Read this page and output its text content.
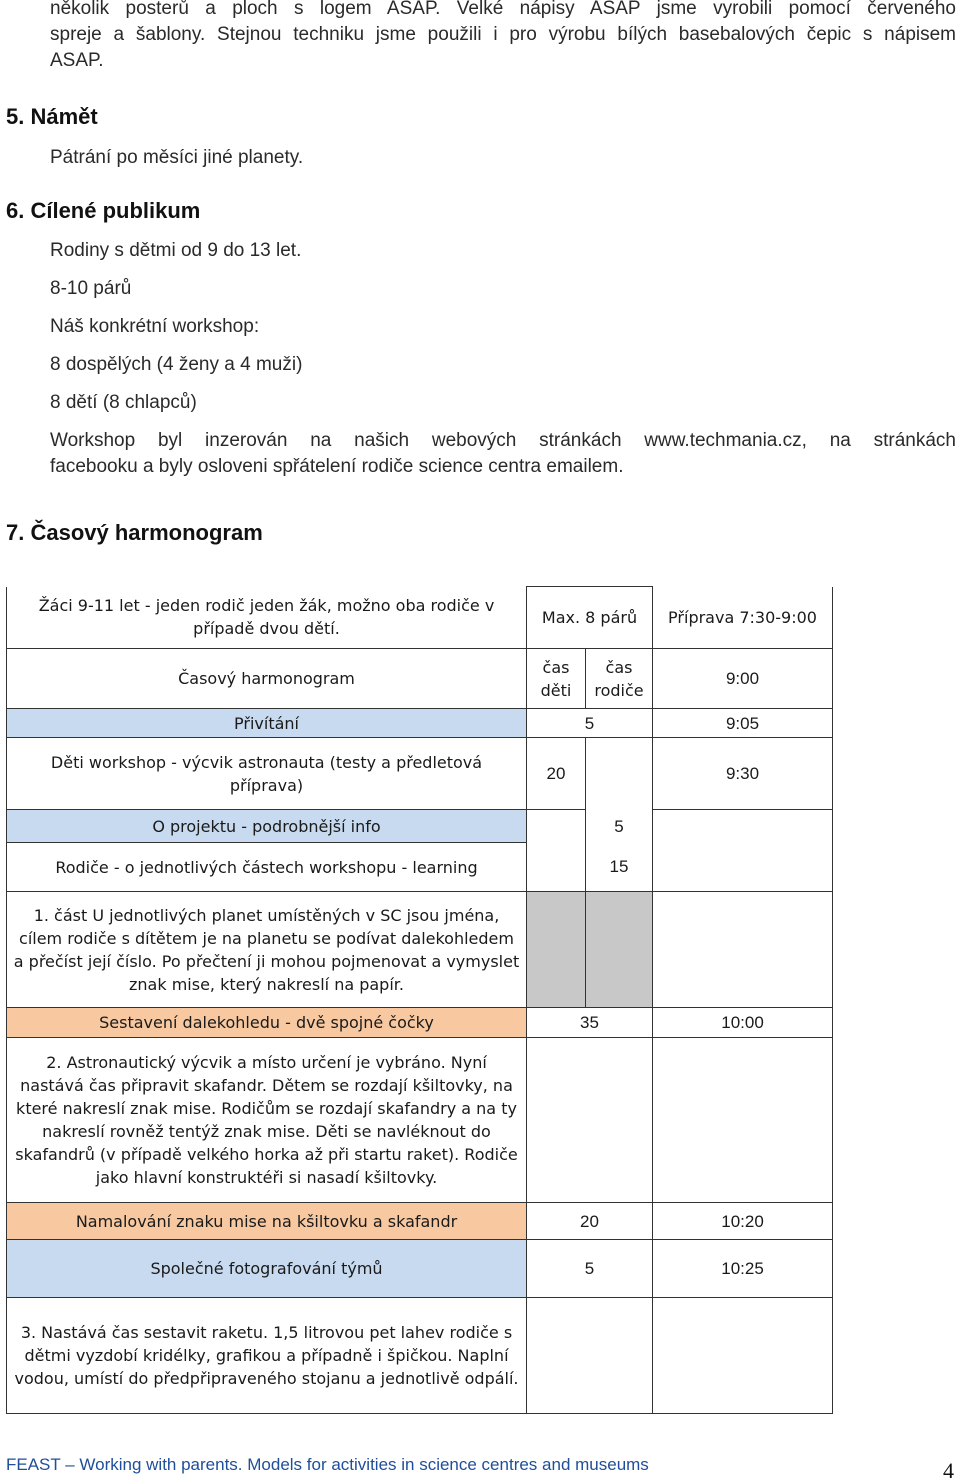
několik posterů a ploch s logem ASAP. Velké nápisy ASAP jsme vyrobili pomocí červeného
spreje a šablony. Stejnou techniku jsme použili i pro výrobu bílých basebalových čepic s nápisem
ASAP.
5. Námět
Pátrání po měsíci jiné planety.
6. Cílené publikum
Rodiny s dětmi od 9 do 13 let.
8-10 párů
Náš konkrétní workshop:
8 dospělých (4 ženy a 4 muži)
8 dětí (8 chlapců)
Workshop byl inzerován na našich webových stránkách www.techmania.cz, na stránkách
facebooku a byly osloveni spřátelení rodiče science centra emailem.
7. Časový harmonogram
Žáci 9-11 let - jeden rodič jeden žák, možno oba rodiče v případě dvou dětí.	Max. 8 párů		Příprava 7:30-9:00
Časový harmonogram	čas děti	čas rodiče	9:00
Přivítání	5		9:05
Děti workshop - výcvik astronauta (testy a předletová příprava)	20		9:30
O projektu - podrobnější info		5	
Rodiče - o jednotlivých částech workshopu - learning		15	
1. část U jednotlivých planet umístěných v SC jsou jména, cílem rodiče s dítětem je na planetu se podívat dalekohledem a přečíst její číslo. Po přečtení ji mohou pojmenovat a vymyslet znak mise, který nakreslí na papír.			
Sestavení dalekohledu - dvě spojné čočky	35		10:00
2. Astronautický výcvik a místo určení je vybráno. Nyní nastává čas připravit skafandr. Dětem se rozdají kšiltovky, na které nakreslí znak mise. Rodičům se rozdají skafandry a na ty nakreslí rovněž tentýž znak mise. Děti se navléknout do skafandrů (v případě velkého horka až při startu raket). Rodiče jako hlavní konstruktéři si nasadí kšiltovky.			
Namalování znaku mise na kšiltovku a skafandr	20		10:20
Společné fotografování týmů	5		10:25
3. Nastává čas sestavit raketu. 1,5 litrovou pet lahev rodiče s dětmi vyzdobí kridélky, grafikou a případně i špičkou. Naplní vodou, umístí do předpřipraveného stojanu a jednotlivě odpálí.			
FEAST – Working with parents. Models for activities in science centres and museums	4
